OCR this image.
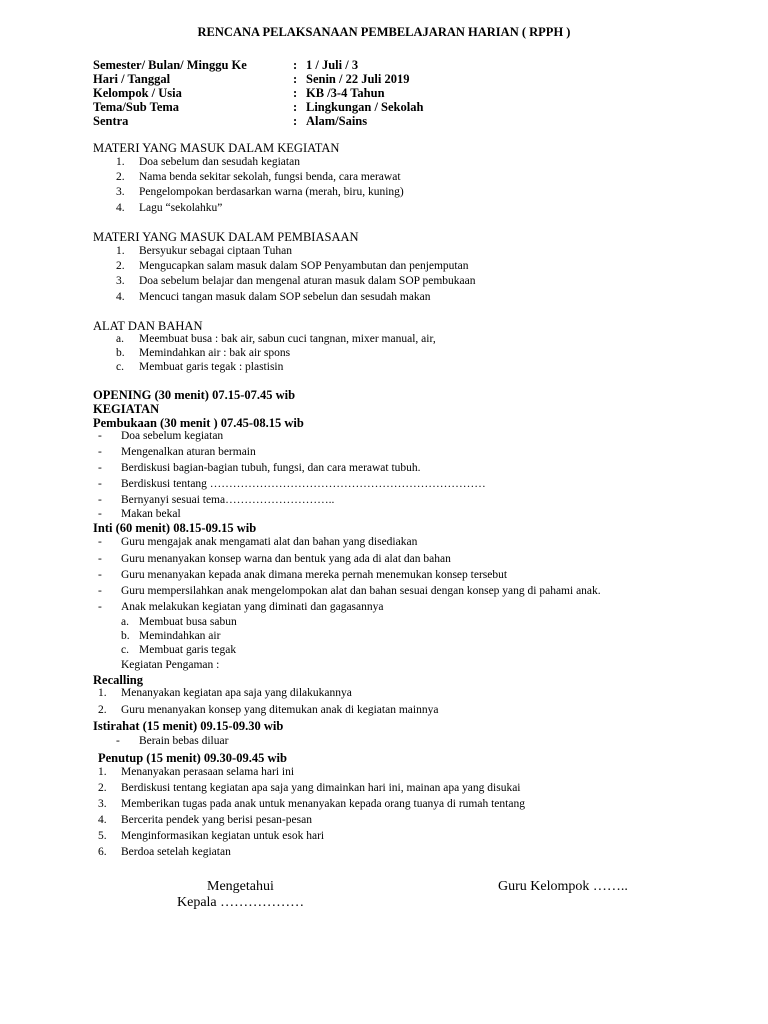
RENCANA PELAKSANAAN PEMBELAJARAN HARIAN ( RPPH )
Semester/ Bulan/ Minggu Ke	: 1 / Juli / 3
Hari / Tanggal	: Senin / 22 Juli 2019
Kelompok / Usia	: KB /3-4 Tahun
Tema/Sub Tema	: Lingkungan / Sekolah
Sentra	: Alam/Sains
MATERI YANG MASUK DALAM KEGIATAN
1. Doa sebelum dan sesudah kegiatan
2. Nama benda sekitar sekolah, fungsi benda, cara merawat
3. Pengelompokan berdasarkan warna (merah, biru, kuning)
4. Lagu “sekolahku”
MATERI YANG MASUK DALAM PEMBIASAAN
1. Bersyukur sebagai ciptaan Tuhan
2. Mengucapkan salam masuk dalam SOP Penyambutan dan penjemputan
3. Doa sebelum belajar dan mengenal aturan masuk dalam SOP pembukaan
4. Mencuci tangan masuk dalam SOP sebelun dan sesudah makan
ALAT DAN BAHAN
a. Meembuat busa : bak air, sabun cuci tangnan, mixer manual, air,
b. Memindahkan air : bak air spons
c. Membuat garis tegak : plastisin
OPENING (30 menit) 07.15-07.45 wib
KEGIATAN
Pembukaan (30 menit ) 07.45-08.15 wib
- Doa sebelum kegiatan
- Mengenalkan aturan bermain
- Berdiskusi bagian-bagian tubuh, fungsi, dan cara merawat tubuh.
- Berdiskusi tentang ………………………………………………………………
- Bernyanyi sesuai tema………………………..
- Makan bekal
Inti (60 menit) 08.15-09.15 wib
- Guru mengajak anak mengamati alat dan bahan yang disediakan
- Guru menanyakan konsep warna dan bentuk yang ada di alat dan bahan
- Guru menanyakan kepada anak dimana mereka pernah menemukan konsep tersebut
- Guru mempersilahkan anak mengelompokan alat dan bahan sesuai dengan konsep yang di pahami anak.
- Anak melakukan kegiatan yang diminati dan gagasannya
a. Membuat busa sabun
b. Memindahkan air
c. Membuat garis tegak
Kegiatan Pengaman :
Recalling
1. Menanyakan kegiatan apa saja yang dilakukannya
2. Guru menanyakan konsep yang ditemukan anak di kegiatan mainnya
Istirahat (15 menit) 09.15-09.30 wib
- Berain bebas diluar
Penutup (15 menit) 09.30-09.45 wib
1. Menanyakan perasaan selama hari ini
2. Berdiskusi tentang kegiatan apa saja yang dimainkan hari ini, mainan apa yang disukai
3. Memberikan tugas pada anak untuk menanyakan kepada orang tuanya di rumah tentang
4. Bercerita pendek yang berisi pesan-pesan
5. Menginformasikan kegiatan untuk esok hari
6. Berdoa setelah kegiatan
Mengetahui
Kepala ………………
Guru Kelompok ……..
